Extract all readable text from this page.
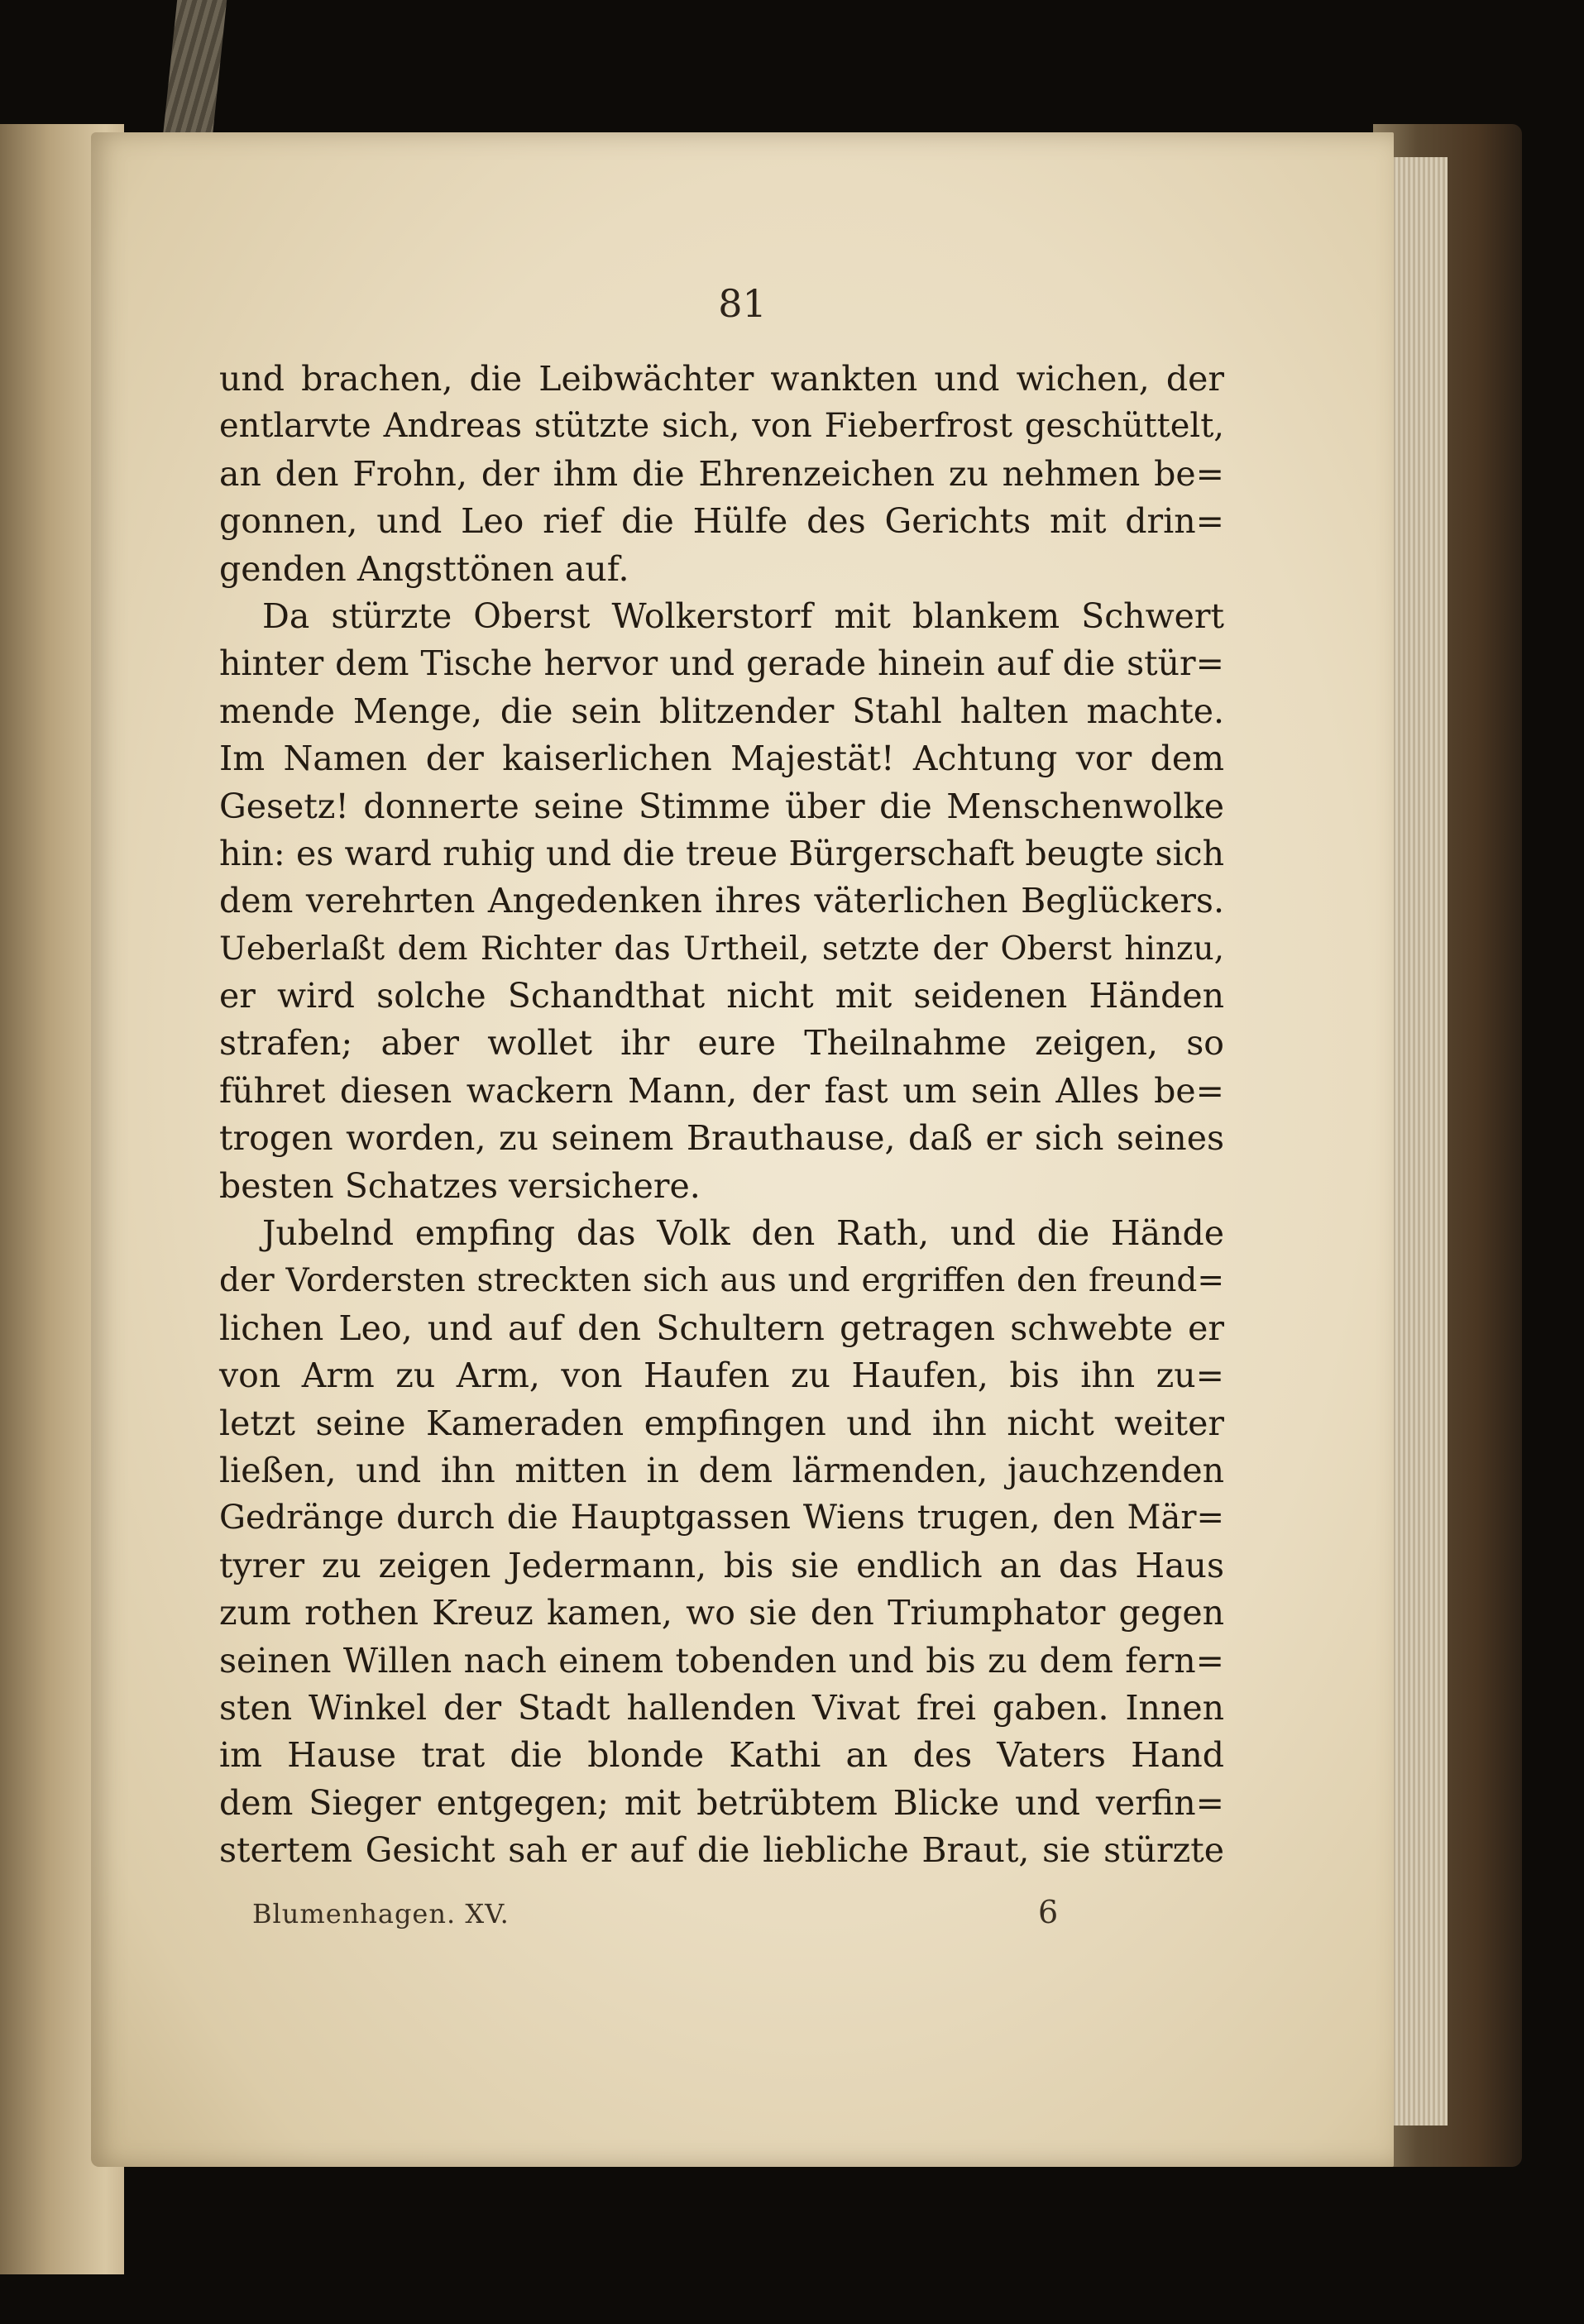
81
und brachen, die Leibwächter wankten und wichen, der
entlarvte Andreas stützte sich, von Fieberfrost geschüttelt,
an den Frohn, der ihm die Ehrenzeichen zu nehmen be=
gonnen, und Leo rief die Hülfe des Gerichts mit drin=
genden Angsttönen auf.
Da stürzte Oberst Wolkerstorf mit blankem Schwert
hinter dem Tische hervor und gerade hinein auf die stür=
mende Menge, die sein blitzender Stahl halten machte.
Im Namen der kaiserlichen Majestät! Achtung vor dem
Gesetz! donnerte seine Stimme über die Menschenwolke
hin: es ward ruhig und die treue Bürgerschaft beugte sich
dem verehrten Angedenken ihres väterlichen Beglückers.
Ueberlaßt dem Richter das Urtheil, setzte der Oberst hinzu,
er wird solche Schandthat nicht mit seidenen Händen
strafen; aber wollet ihr eure Theilnahme zeigen, so
führet diesen wackern Mann, der fast um sein Alles be=
trogen worden, zu seinem Brauthause, daß er sich seines
besten Schatzes versichere.
Jubelnd empfing das Volk den Rath, und die Hände
der Vordersten streckten sich aus und ergriffen den freund=
lichen Leo, und auf den Schultern getragen schwebte er
von Arm zu Arm, von Haufen zu Haufen, bis ihn zu=
letzt seine Kameraden empfingen und ihn nicht weiter
ließen, und ihn mitten in dem lärmenden, jauchzenden
Gedränge durch die Hauptgassen Wiens trugen, den Mär=
tyrer zu zeigen Jedermann, bis sie endlich an das Haus
zum rothen Kreuz kamen, wo sie den Triumphator gegen
seinen Willen nach einem tobenden und bis zu dem fern=
sten Winkel der Stadt hallenden Vivat frei gaben. Innen
im Hause trat die blonde Kathi an des Vaters Hand
dem Sieger entgegen; mit betrübtem Blicke und verfin=
stertem Gesicht sah er auf die liebliche Braut, sie stürzte
Blumenhagen. XV.	6
